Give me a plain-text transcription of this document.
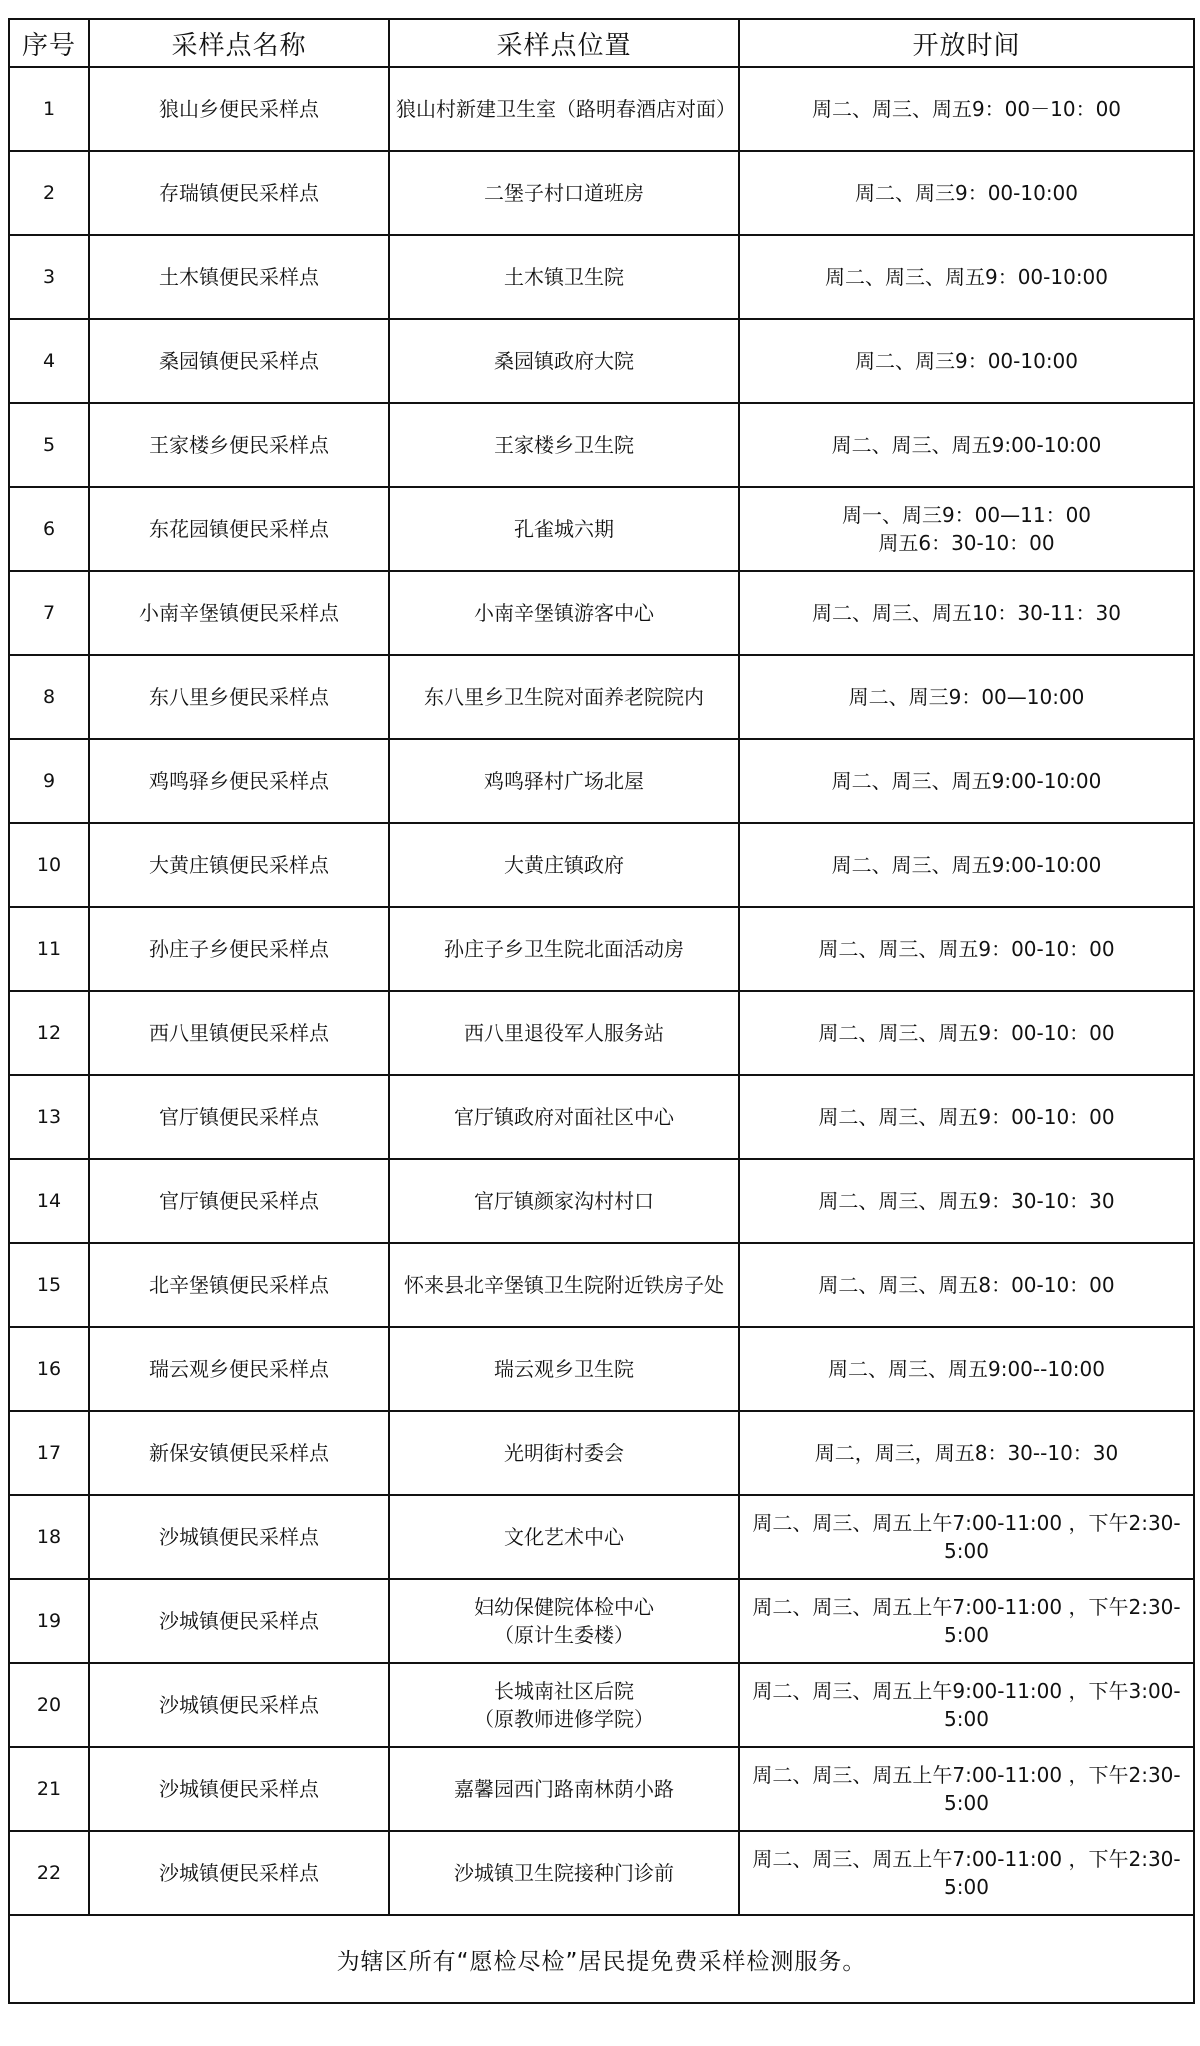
序号	采样点名称	采样点位置	开放时间
1	狼山乡便民采样点	狼山村新建卫生室（路明春酒店对面）	周二、周三、周五9：00－10：00

2	存瑞镇便民采样点	二堡子村口道班房	周二、周三9：00-10:00

3	土木镇便民采样点	土木镇卫生院	周二、周三、周五9：00-10:00

4	桑园镇便民采样点	桑园镇政府大院	周二、周三9：00-10:00

5	王家楼乡便民采样点	王家楼乡卫生院	周二、周三、周五9:00-10:00

6	东花园镇便民采样点	孔雀城六期	周一、周三9：00—11：00
周五6：30-10：00

7	小南辛堡镇便民采样点	小南辛堡镇游客中心	周二、周三、周五10：30-11：30

8	东八里乡便民采样点	东八里乡卫生院对面养老院院内	周二、周三9：00—10:00

9	鸡鸣驿乡便民采样点	鸡鸣驿村广场北屋	周二、周三、周五9:00-10:00

10	大黄庄镇便民采样点	大黄庄镇政府	周二、周三、周五9:00-10:00

11	孙庄子乡便民采样点	孙庄子乡卫生院北面活动房	周二、周三、周五9：00-10：00

12	西八里镇便民采样点	西八里退役军人服务站	周二、周三、周五9：00-10：00

13	官厅镇便民采样点	官厅镇政府对面社区中心	周二、周三、周五9：00-10：00

14	官厅镇便民采样点	官厅镇颜家沟村村口	周二、周三、周五9：30-10：30

15	北辛堡镇便民采样点	怀来县北辛堡镇卫生院附近铁房子处	周二、周三、周五8：00-10：00

16	瑞云观乡便民采样点	瑞云观乡卫生院	周二、周三、周五9:00--10:00

17	新保安镇便民采样点	光明街村委会	周二，周三，周五8：30--10：30

18	沙城镇便民采样点	文化艺术中心	周二、周三、周五上午7:00-11:00 ，下午2:30-5:00

19	沙城镇便民采样点	妇幼保健院体检中心
（原计生委楼）	周二、周三、周五上午7:00-11:00 ，下午2:30-5:00

20	沙城镇便民采样点	长城南社区后院
（原教师进修学院）	周二、周三、周五上午9:00-11:00 ，下午3:00-5:00

21	沙城镇便民采样点	嘉馨园西门路南林荫小路	周二、周三、周五上午7:00-11:00 ，下午2:30-5:00

22	沙城镇便民采样点	沙城镇卫生院接种门诊前	周二、周三、周五上午7:00-11:00 ，下午2:30-5:00

为辖区所有“愿检尽检”居民提免费采样检测服务。			
